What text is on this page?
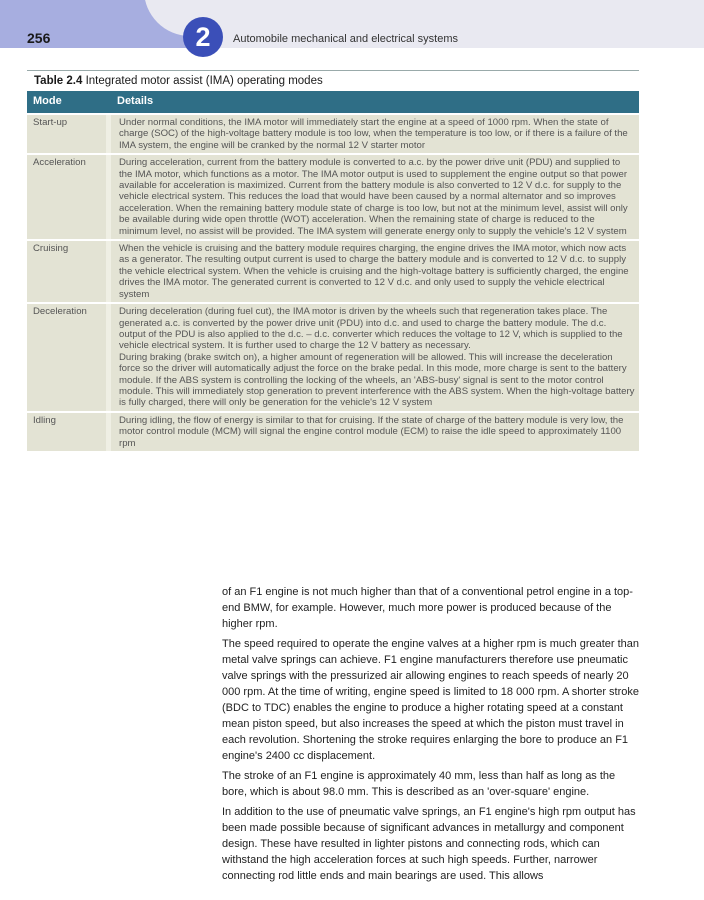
256	2	Automobile mechanical and electrical systems
Table 2.4 Integrated motor assist (IMA) operating modes
Mode		Details
Start-up		Under normal conditions, the IMA motor will immediately start the engine at a speed of 1000 rpm. When the state of charge (SOC) of the high-voltage battery module is too low, when the temperature is too low, or if there is a failure of the IMA system, the engine will be cranked by the normal 12 V starter motor
Acceleration		During acceleration, current from the battery module is converted to a.c. by the power drive unit (PDU) and supplied to the IMA motor, which functions as a motor. The IMA motor output is used to supplement the engine output so that power available for acceleration is maximized. Current from the battery module is also converted to 12 V d.c. for supply to the vehicle electrical system. This reduces the load that would have been caused by a normal alternator and so improves acceleration. When the remaining battery module state of charge is too low, but not at the minimum level, assist will only be available during wide open throttle (WOT) acceleration. When the remaining state of charge is reduced to the minimum level, no assist will be provided. The IMA system will generate energy only to supply the vehicle's 12 V system
Cruising		When the vehicle is cruising and the battery module requires charging, the engine drives the IMA motor, which now acts as a generator. The resulting output current is used to charge the battery module and is converted to 12 V d.c. to supply the vehicle electrical system. When the vehicle is cruising and the high-voltage battery is sufficiently charged, the engine drives the IMA motor. The generated current is converted to 12 V d.c. and only used to supply the vehicle electrical system
Deceleration		During deceleration (during fuel cut), the IMA motor is driven by the wheels such that regeneration takes place. The generated a.c. is converted by the power drive unit (PDU) into d.c. and used to charge the battery module. The d.c. output of the PDU is also applied to the d.c. – d.c. converter which reduces the voltage to 12 V, which is supplied to the vehicle electrical system. It is further used to charge the 12 V battery as necessary.
During braking (brake switch on), a higher amount of regeneration will be allowed. This will increase the deceleration force so the driver will automatically adjust the force on the brake pedal. In this mode, more charge is sent to the battery module. If the ABS system is controlling the locking of the wheels, an 'ABS-busy' signal is sent to the motor control module. This will immediately stop generation to prevent interference with the ABS system. When the high-voltage battery is fully charged, there will only be generation for the vehicle's 12 V system

Idling		During idling, the flow of energy is similar to that for cruising. If the state of charge of the battery module is very low, the motor control module (MCM) will signal the engine control module (ECM) to raise the idle speed to approximately 1100 rpm

of an F1 engine is not much higher than that of a conventional petrol engine in a top-end BMW, for example. However, much more power is produced because of the higher rpm.

The speed required to operate the engine valves at a higher rpm is much greater than metal valve springs can achieve. F1 engine manufacturers therefore use pneumatic valve springs with the pressurized air allowing engines to reach speeds of nearly 20 000 rpm. At the time of writing, engine speed is limited to 18 000 rpm. A shorter stroke (BDC to TDC) enables the engine to produce a higher rotating speed at a constant mean piston speed, but also increases the speed at which the piston must travel in each revolution. Shortening the stroke requires enlarging the bore to produce an F1 engine's 2400 cc displacement.

The stroke of an F1 engine is approximately 40 mm, less than half as long as the bore, which is about 98.0 mm. This is described as an 'over-square' engine.

In addition to the use of pneumatic valve springs, an F1 engine's high rpm output has been made possible because of significant advances in metallurgy and component design. These have resulted in lighter pistons and connecting rods, which can withstand the high acceleration forces at such high speeds. Further, narrower connecting rod little ends and main bearings are used. This allows
